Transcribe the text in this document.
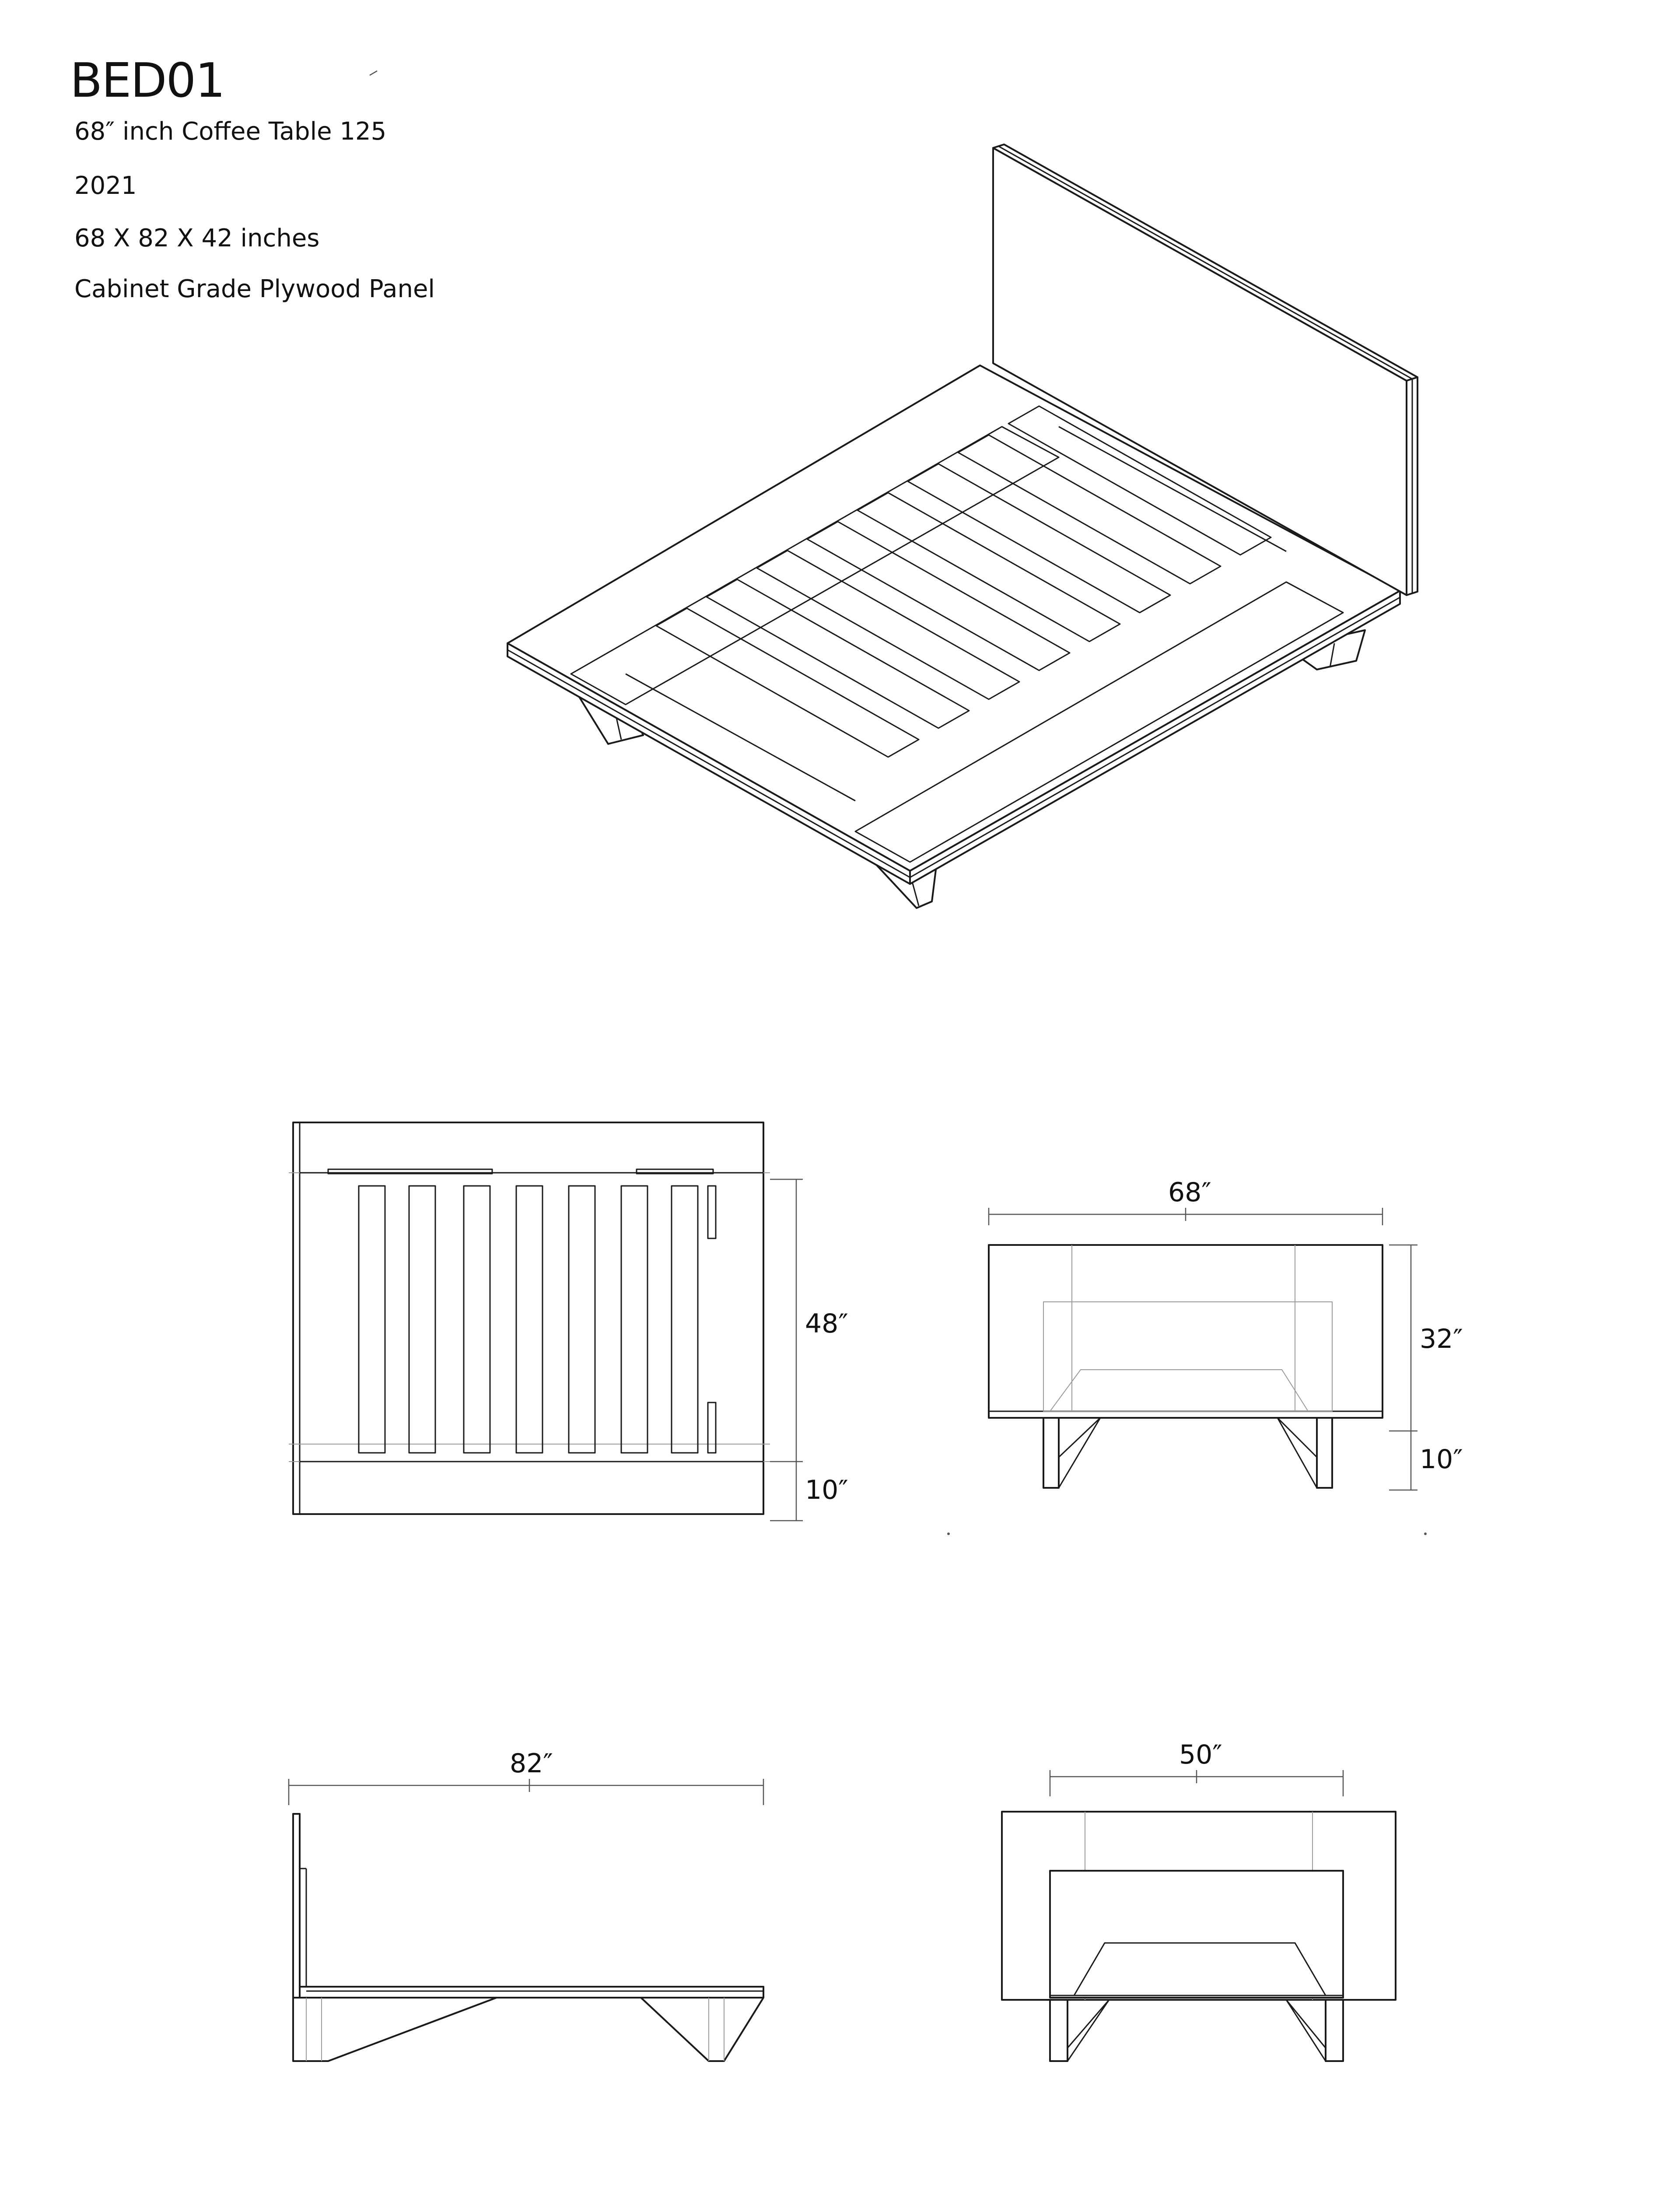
BED01
68″ inch Coffee Table 125
2021
68 X 82 X 42 inches
Cabinet Grade Plywood Panel
48″
10″
68″
32″
10″
82″	50″
